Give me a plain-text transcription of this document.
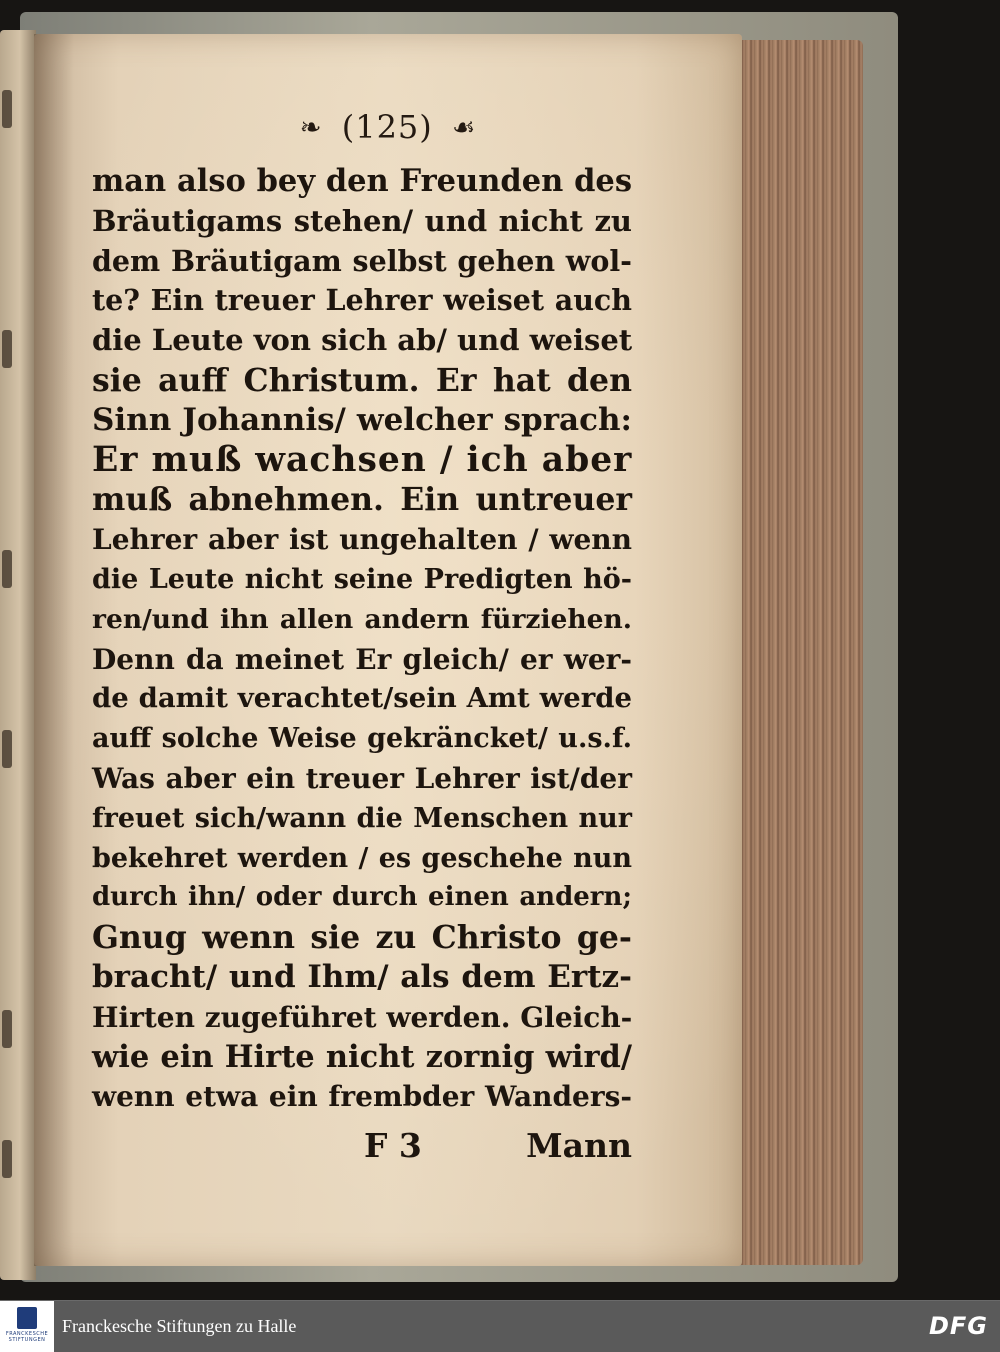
❧ (125) ☙
man also bey den Freunden des
Bräutigams stehen/ und nicht zu
dem Bräutigam selbst gehen wol-
te? Ein treuer Lehrer weiset auch
die Leute von sich ab/ und weiset
sie auff Christum. Er hat den
Sinn Johannis/ welcher sprach:
Er muß wachsen / ich aber
muß abnehmen. Ein untreuer
Lehrer aber ist ungehalten / wenn
die Leute nicht seine Predigten hö-
ren/und ihn allen andern fürziehen.
Denn da meinet Er gleich/ er wer-
de damit verachtet/sein Amt werde
auff solche Weise gekräncket/ u.s.f.
Was aber ein treuer Lehrer ist/der
freuet sich/wann die Menschen nur
bekehret werden / es geschehe nun
durch ihn/ oder durch einen andern;
Gnug wenn sie zu Christo ge-
bracht/ und Ihm/ als dem Ertz-
Hirten zugeführet werden. Gleich-
wie ein Hirte nicht zornig wird/
wenn etwa ein frembder Wanders-
F 3	Mann
FRANCKESCHE STIFTUNGEN
Franckesche Stiftungen zu Halle	DFG
